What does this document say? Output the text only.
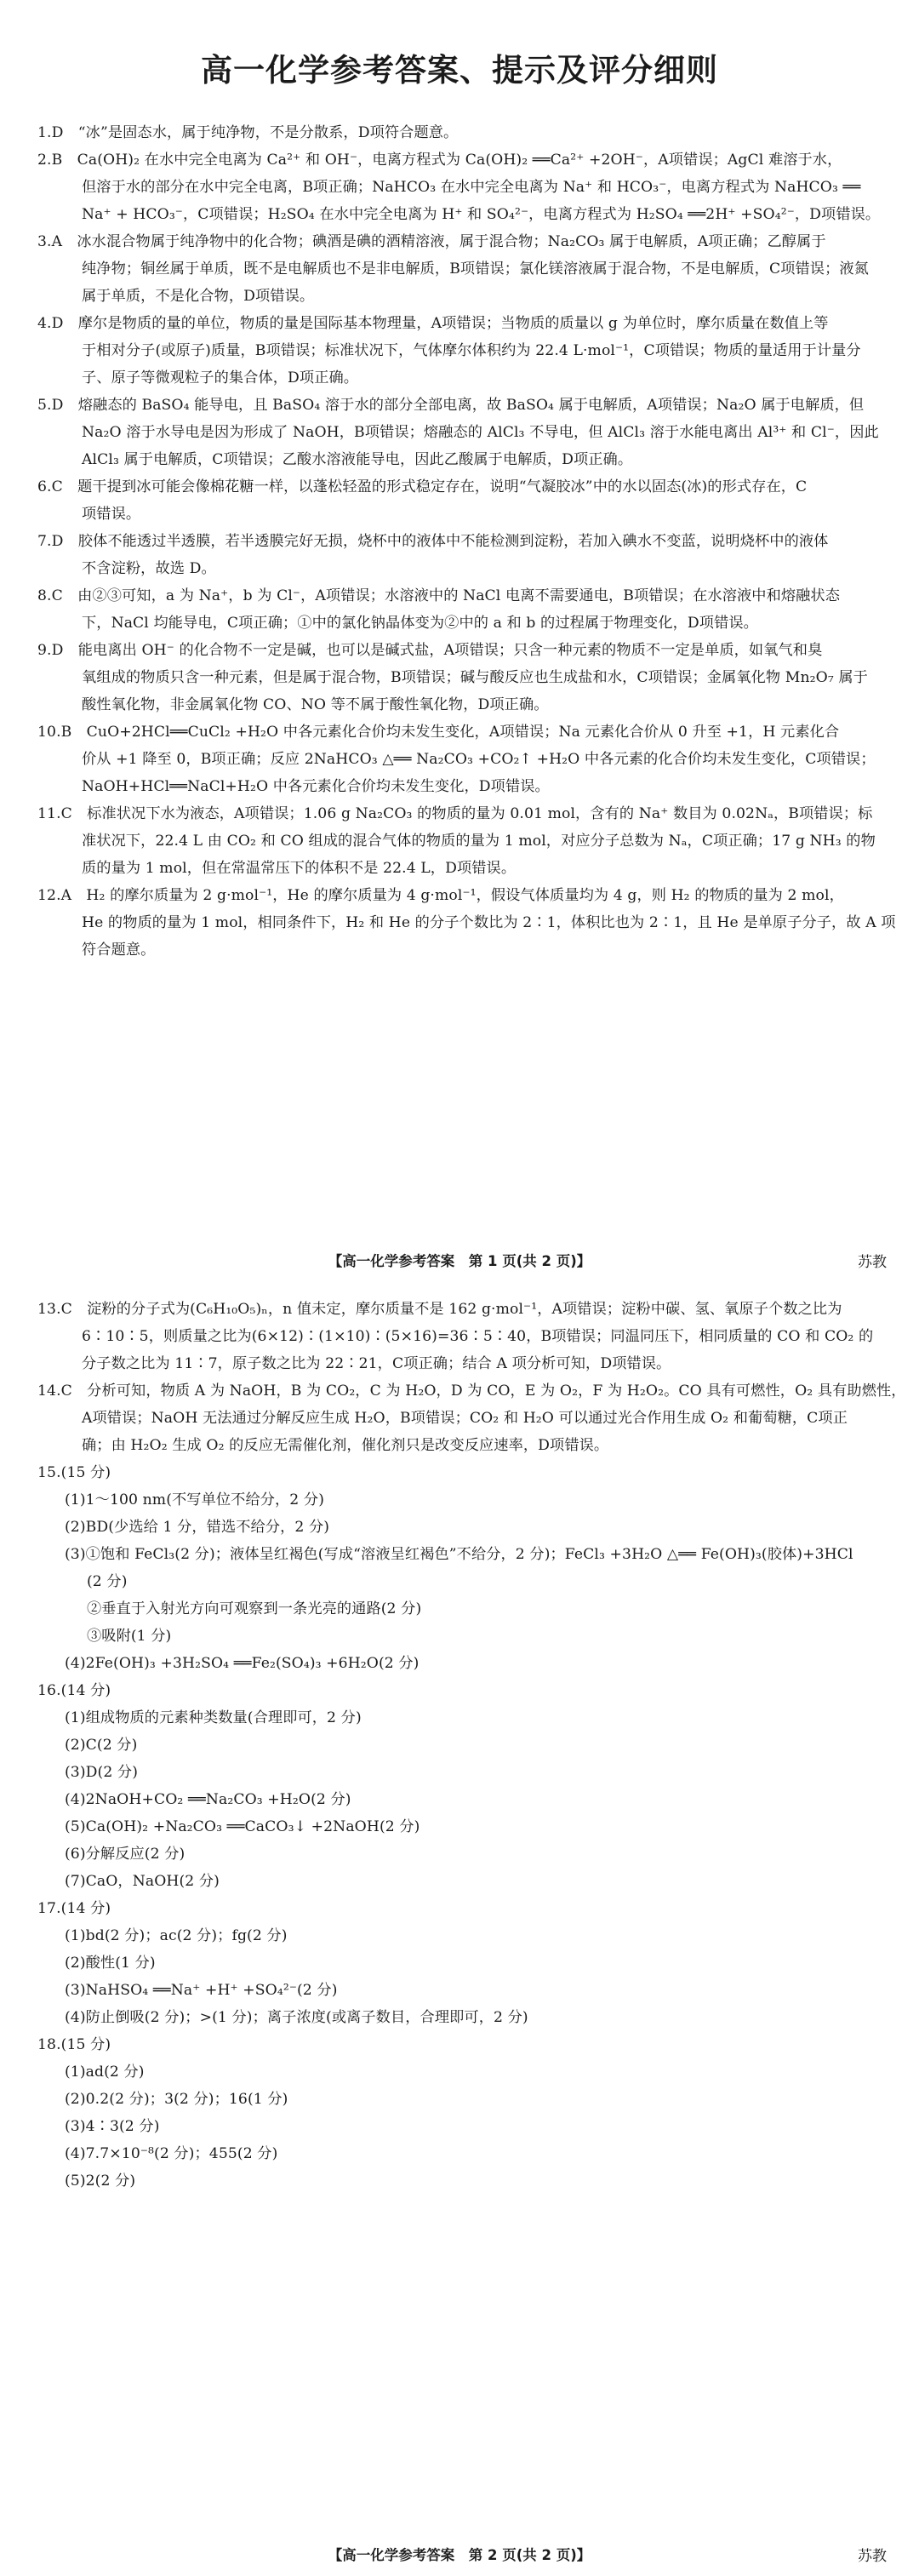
高一化学参考答案、提示及评分细则
1.D　“冰”是固态水，属于纯净物，不是分散系，D项符合题意。
2.B　Ca(OH)₂ 在水中完全电离为 Ca²⁺ 和 OH⁻，电离方程式为 Ca(OH)₂ ══Ca²⁺ +2OH⁻，A项错误；AgCl 难溶于水，
但溶于水的部分在水中完全电离，B项正确；NaHCO₃ 在水中完全电离为 Na⁺ 和 HCO₃⁻，电离方程式为 NaHCO₃ ══
Na⁺ + HCO₃⁻，C项错误；H₂SO₄ 在水中完全电离为 H⁺ 和 SO₄²⁻，电离方程式为 H₂SO₄ ══2H⁺ +SO₄²⁻，D项错误。
3.A　冰水混合物属于纯净物中的化合物；碘酒是碘的酒精溶液，属于混合物；Na₂CO₃ 属于电解质，A项正确；乙醇属于
纯净物；铜丝属于单质，既不是电解质也不是非电解质，B项错误；氯化镁溶液属于混合物，不是电解质，C项错误；液氮
属于单质，不是化合物，D项错误。
4.D　摩尔是物质的量的单位，物质的量是国际基本物理量，A项错误；当物质的质量以 g 为单位时，摩尔质量在数值上等
于相对分子(或原子)质量，B项错误；标准状况下，气体摩尔体积约为 22.4 L·mol⁻¹，C项错误；物质的量适用于计量分
子、原子等微观粒子的集合体，D项正确。
5.D　熔融态的 BaSO₄ 能导电，且 BaSO₄ 溶于水的部分全部电离，故 BaSO₄ 属于电解质，A项错误；Na₂O 属于电解质，但
Na₂O 溶于水导电是因为形成了 NaOH，B项错误；熔融态的 AlCl₃ 不导电，但 AlCl₃ 溶于水能电离出 Al³⁺ 和 Cl⁻，因此
AlCl₃ 属于电解质，C项错误；乙酸水溶液能导电，因此乙酸属于电解质，D项正确。
6.C　题干提到冰可能会像棉花糖一样，以蓬松轻盈的形式稳定存在，说明“气凝胶冰”中的水以固态(冰)的形式存在，C
项错误。
7.D　胶体不能透过半透膜，若半透膜完好无损，烧杯中的液体中不能检测到淀粉，若加入碘水不变蓝，说明烧杯中的液体
不含淀粉，故选 D。
8.C　由②③可知，a 为 Na⁺，b 为 Cl⁻，A项错误；水溶液中的 NaCl 电离不需要通电，B项错误；在水溶液中和熔融状态
下，NaCl 均能导电，C项正确；①中的氯化钠晶体变为②中的 a 和 b 的过程属于物理变化，D项错误。
9.D　能电离出 OH⁻ 的化合物不一定是碱，也可以是碱式盐，A项错误；只含一种元素的物质不一定是单质，如氧气和臭
氧组成的物质只含一种元素，但是属于混合物，B项错误；碱与酸反应也生成盐和水，C项错误；金属氧化物 Mn₂O₇ 属于
酸性氧化物，非金属氧化物 CO、NO 等不属于酸性氧化物，D项正确。
10.B　CuO+2HCl══CuCl₂ +H₂O 中各元素化合价均未发生变化，A项错误；Na 元素化合价从 0 升至 +1，H 元素化合
价从 +1 降至 0，B项正确；反应 2NaHCO₃ △══ Na₂CO₃ +CO₂↑ +H₂O 中各元素的化合价均未发生变化，C项错误；
NaOH+HCl══NaCl+H₂O 中各元素化合价均未发生变化，D项错误。
11.C　标准状况下水为液态，A项错误；1.06 g Na₂CO₃ 的物质的量为 0.01 mol，含有的 Na⁺ 数目为 0.02Nₐ，B项错误；标
准状况下，22.4 L 由 CO₂ 和 CO 组成的混合气体的物质的量为 1 mol，对应分子总数为 Nₐ，C项正确；17 g NH₃ 的物
质的量为 1 mol，但在常温常压下的体积不是 22.4 L，D项错误。
12.A　H₂ 的摩尔质量为 2 g·mol⁻¹，He 的摩尔质量为 4 g·mol⁻¹，假设气体质量均为 4 g，则 H₂ 的物质的量为 2 mol，
He 的物质的量为 1 mol，相同条件下，H₂ 和 He 的分子个数比为 2∶1，体积比也为 2∶1，且 He 是单原子分子，故 A 项
符合题意。
【高一化学参考答案　第 1 页(共 2 页)】	苏教
13.C　淀粉的分子式为(C₆H₁₀O₅)ₙ，n 值未定，摩尔质量不是 162 g·mol⁻¹，A项错误；淀粉中碳、氢、氧原子个数之比为
6∶10∶5，则质量之比为(6×12)∶(1×10)∶(5×16)=36∶5∶40，B项错误；同温同压下，相同质量的 CO 和 CO₂ 的
分子数之比为 11∶7，原子数之比为 22∶21，C项正确；结合 A 项分析可知，D项错误。
14.C　分析可知，物质 A 为 NaOH，B 为 CO₂，C 为 H₂O，D 为 CO，E 为 O₂，F 为 H₂O₂。CO 具有可燃性，O₂ 具有助燃性，
A项错误；NaOH 无法通过分解反应生成 H₂O，B项错误；CO₂ 和 H₂O 可以通过光合作用生成 O₂ 和葡萄糖，C项正
确；由 H₂O₂ 生成 O₂ 的反应无需催化剂，催化剂只是改变反应速率，D项错误。
15.(15 分)
(1)1～100 nm(不写单位不给分，2 分)
(2)BD(少选给 1 分，错选不给分，2 分)
(3)①饱和 FeCl₃(2 分)；液体呈红褐色(写成“溶液呈红褐色”不给分，2 分)；FeCl₃ +3H₂O △══ Fe(OH)₃(胶体)+3HCl
(2 分)
②垂直于入射光方向可观察到一条光亮的通路(2 分)
③吸附(1 分)
(4)2Fe(OH)₃ +3H₂SO₄ ══Fe₂(SO₄)₃ +6H₂O(2 分)
16.(14 分)
(1)组成物质的元素种类数量(合理即可，2 分)
(2)C(2 分)
(3)D(2 分)
(4)2NaOH+CO₂ ══Na₂CO₃ +H₂O(2 分)
(5)Ca(OH)₂ +Na₂CO₃ ══CaCO₃↓ +2NaOH(2 分)
(6)分解反应(2 分)
(7)CaO，NaOH(2 分)
17.(14 分)
(1)bd(2 分)；ac(2 分)；fg(2 分)
(2)酸性(1 分)
(3)NaHSO₄ ══Na⁺ +H⁺ +SO₄²⁻(2 分)
(4)防止倒吸(2 分)；>(1 分)；离子浓度(或离子数目，合理即可，2 分)
18.(15 分)
(1)ad(2 分)
(2)0.2(2 分)；3(2 分)；16(1 分)
(3)4∶3(2 分)
(4)7.7×10⁻⁸(2 分)；455(2 分)
(5)2(2 分)
【高一化学参考答案　第 2 页(共 2 页)】	苏教
